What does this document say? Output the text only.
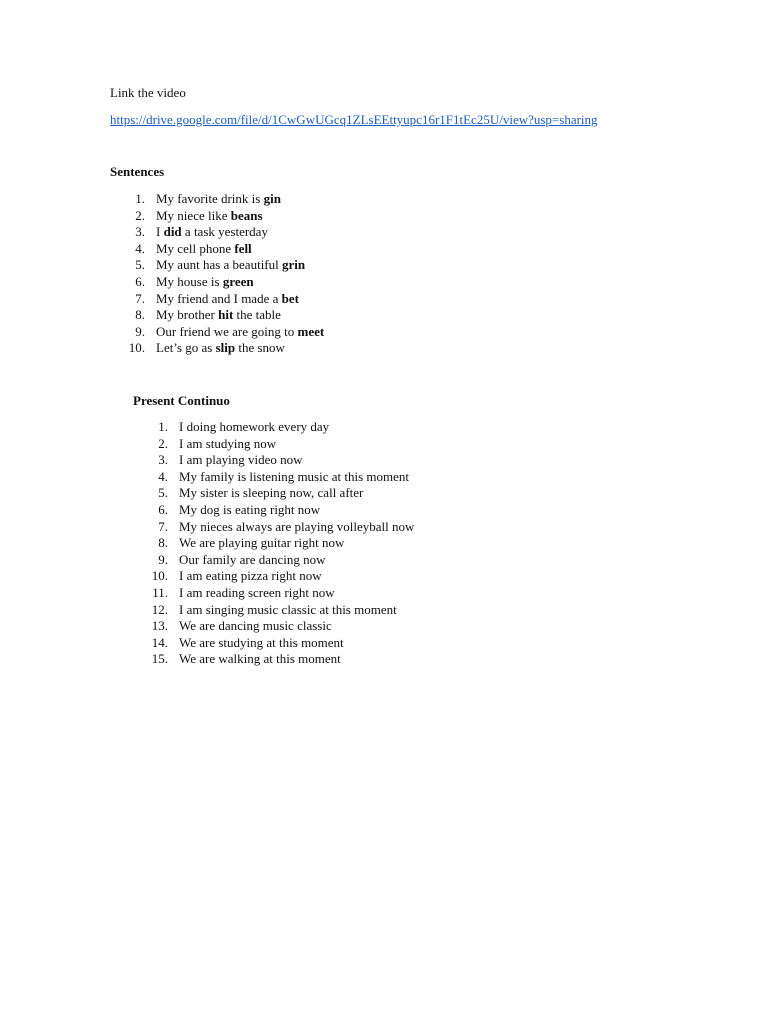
Link the video
https://drive.google.com/file/d/1CwGwUGcq1ZLsEEttyupc16r1F1tEc25U/view?usp=sharing
Sentences
1. My favorite drink is gin
2. My niece like beans
3. I did a task yesterday
4. My cell phone fell
5. My aunt has a beautiful grin
6. My house is green
7. My friend and I made a bet
8. My brother hit the table
9. Our friend we are going to meet
10. Let’s go as slip the snow
Present Continuo
1. I doing homework every day
2. I am studying now
3. I am playing video now
4. My family is listening music at this moment
5. My sister is sleeping now, call after
6. My dog is eating right now
7. My nieces always are playing volleyball now
8. We are playing guitar right now
9. Our family are dancing now
10. I am eating pizza right now
11. I am reading screen right now
12. I am singing music classic at this moment
13. We are dancing music classic
14. We are studying at this moment
15. We are walking at this moment
